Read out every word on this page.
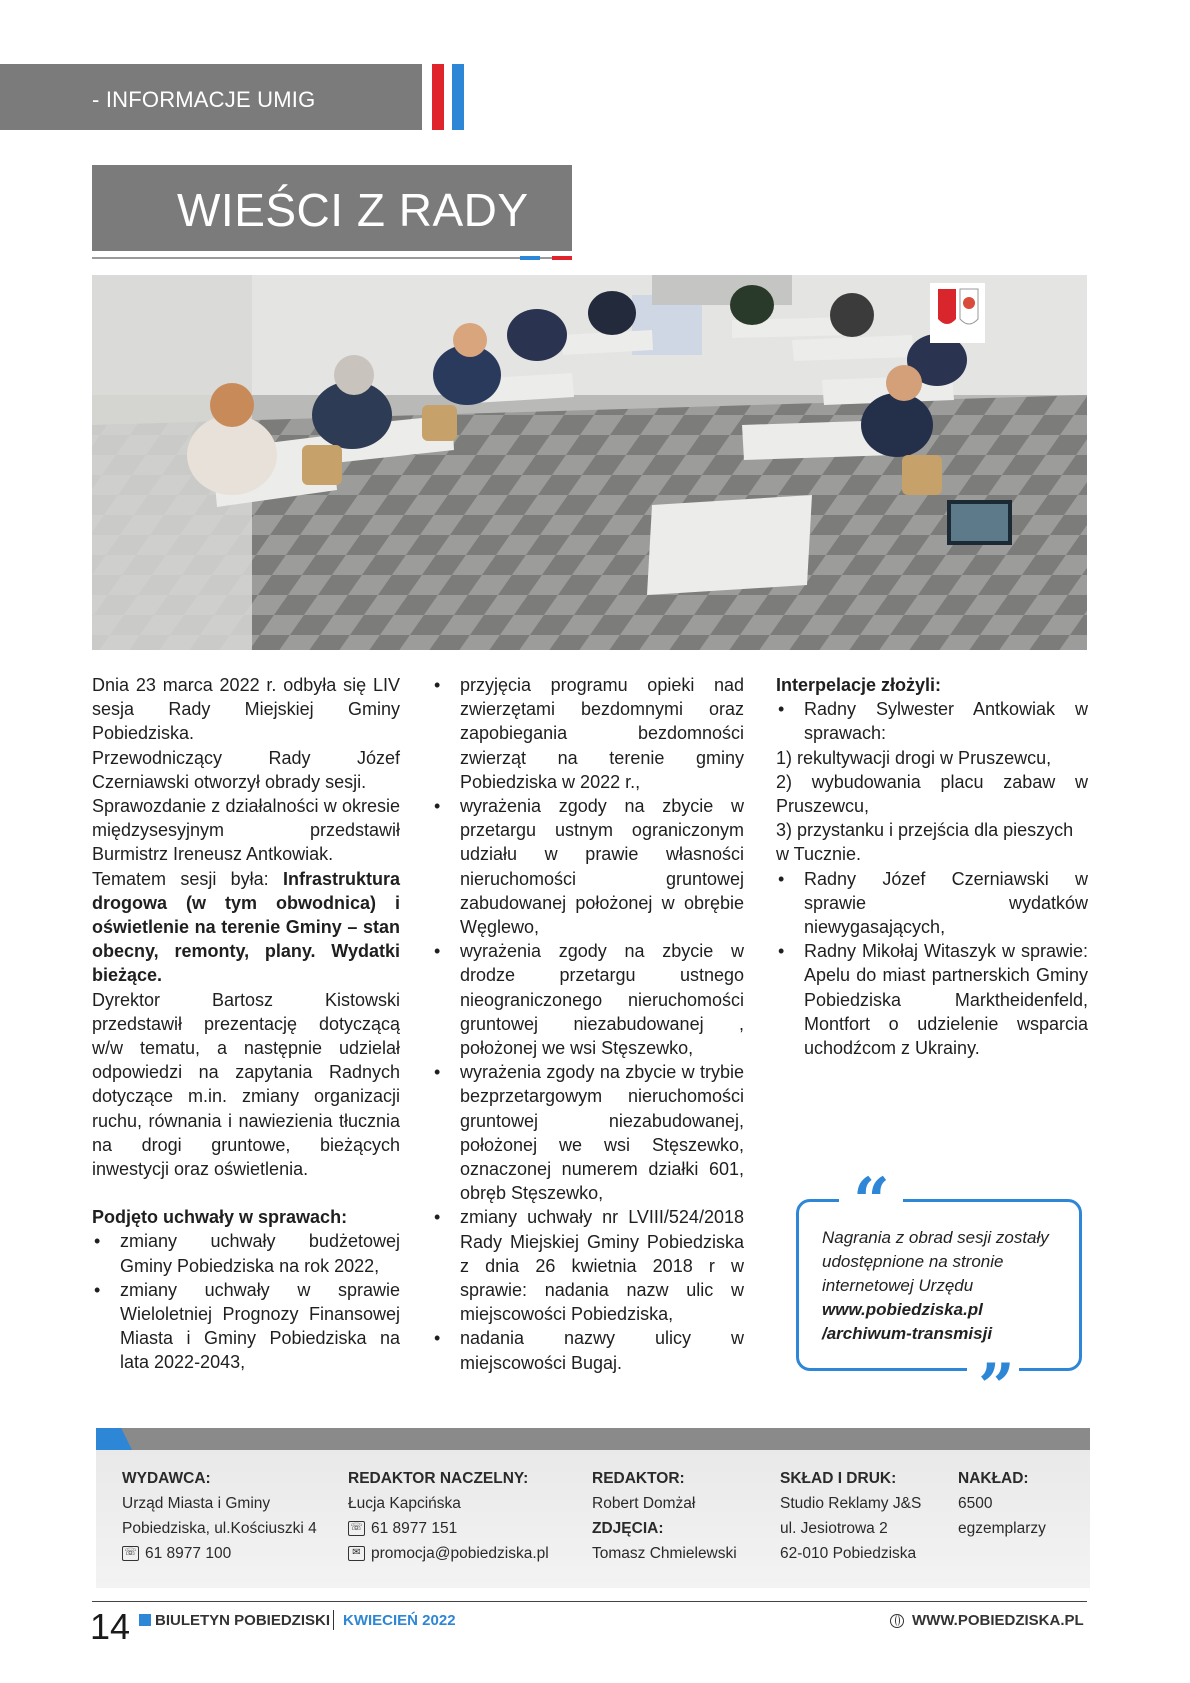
- INFORMACJE UMIG
WIEŚCI Z RADY

Dnia 23 marca 2022 r. odbyła się LIV sesja Rady Miejskiej Gminy Pobiedziska.

Przewodniczący Rady Józef Czerniawski otworzył obrady sesji.

Sprawozdanie z działalności w okresie międzysesyjnym przedstawił Burmistrz Ireneusz Antkowiak.

Tematem sesji była: Infrastruktura drogowa (w tym obwodnica) i oświetlenie na terenie Gminy – stan obecny, remonty, plany. Wydatki bieżące.

Dyrektor Bartosz Kistowski przedstawił prezentację dotyczącą w/w tematu, a następnie udzielał odpowiedzi na zapytania Radnych dotyczące m.in. zmiany organizacji ruchu, równania i nawiezienia tłucznia na drogi gruntowe, bieżących inwestycji oraz oświetlenia.

Podjęto uchwały w sprawach:

• zmiany uchwały budżetowej Gminy Pobiedziska na rok 2022,
• zmiany uchwały w sprawie Wieloletniej Prognozy Finansowej Miasta i Gminy Pobiedziska na lata 2022-2043,
• przyjęcia programu opieki nad zwierzętami bezdomnymi oraz zapobiegania bezdomności zwierząt na terenie gminy Pobiedziska w 2022 r.,
• wyrażenia zgody na zbycie w przetargu ustnym ograniczonym udziału w prawie własności nieruchomości gruntowej zabudowanej położonej w obrębie Węglewo,
• wyrażenia zgody na zbycie w drodze przetargu ustnego nieograniczonego nieruchomości gruntowej niezabudowanej , położonej we wsi Stęszewko,
• wyrażenia zgody na zbycie w trybie bezprzetargowym nieruchomości gruntowej niezabudowanej, położonej we wsi Stęszewko, oznaczonej numerem działki 601, obręb Stęszewko,
• zmiany uchwały nr LVIII/524/2018 Rady Miejskiej Gminy Pobiedziska z dnia 26 kwietnia 2018 r w sprawie: nadania nazw ulic w miejscowości Pobiedziska,
• nadania nazwy ulicy w miejscowości Bugaj.

Interpelacje złożyli:

• Radny Sylwester Antkowiak w sprawach:

1) rekultywacji drogi w Pruszewcu,

2) wybudowania placu zabaw w Pruszewcu,

3) przystanku i przejścia dla pieszych w Tucznie.

• Radny Józef Czerniawski w sprawie wydatków niewygasających,
• Radny Mikołaj Witaszyk w sprawie: Apelu do miast partnerskich Gminy Pobiedziska Marktheidenfeld, Montfort o udzielenie wsparcia uchodźcom z Ukrainy.
“
”
Nagrania z obrad sesji zostały udostępnione na stronie internetowej Urzędu
www.pobiedziska.pl
/archiwum-transmisji
WYDAWCA:
Urząd Miasta i Gminy
Pobiedziska, ul.Kościuszki 4
☏ 61 8977 100
REDAKTOR NACZELNY:
Łucja Kapcińska
☏ 61 8977 151
✉ promocja@pobiedziska.pl
REDAKTOR:
Robert Domżał
ZDJĘCIA:
Tomasz Chmielewski
SKŁAD I DRUK:
Studio Reklamy J&S
ul. Jesiotrowa 2
62-010 Pobiedziska
NAKŁAD:
6500
egzemplarzy
14 BIULETYN POBIEDZISKI KWIECIEŃ 2022	WWW.POBIEDZISKA.PL
